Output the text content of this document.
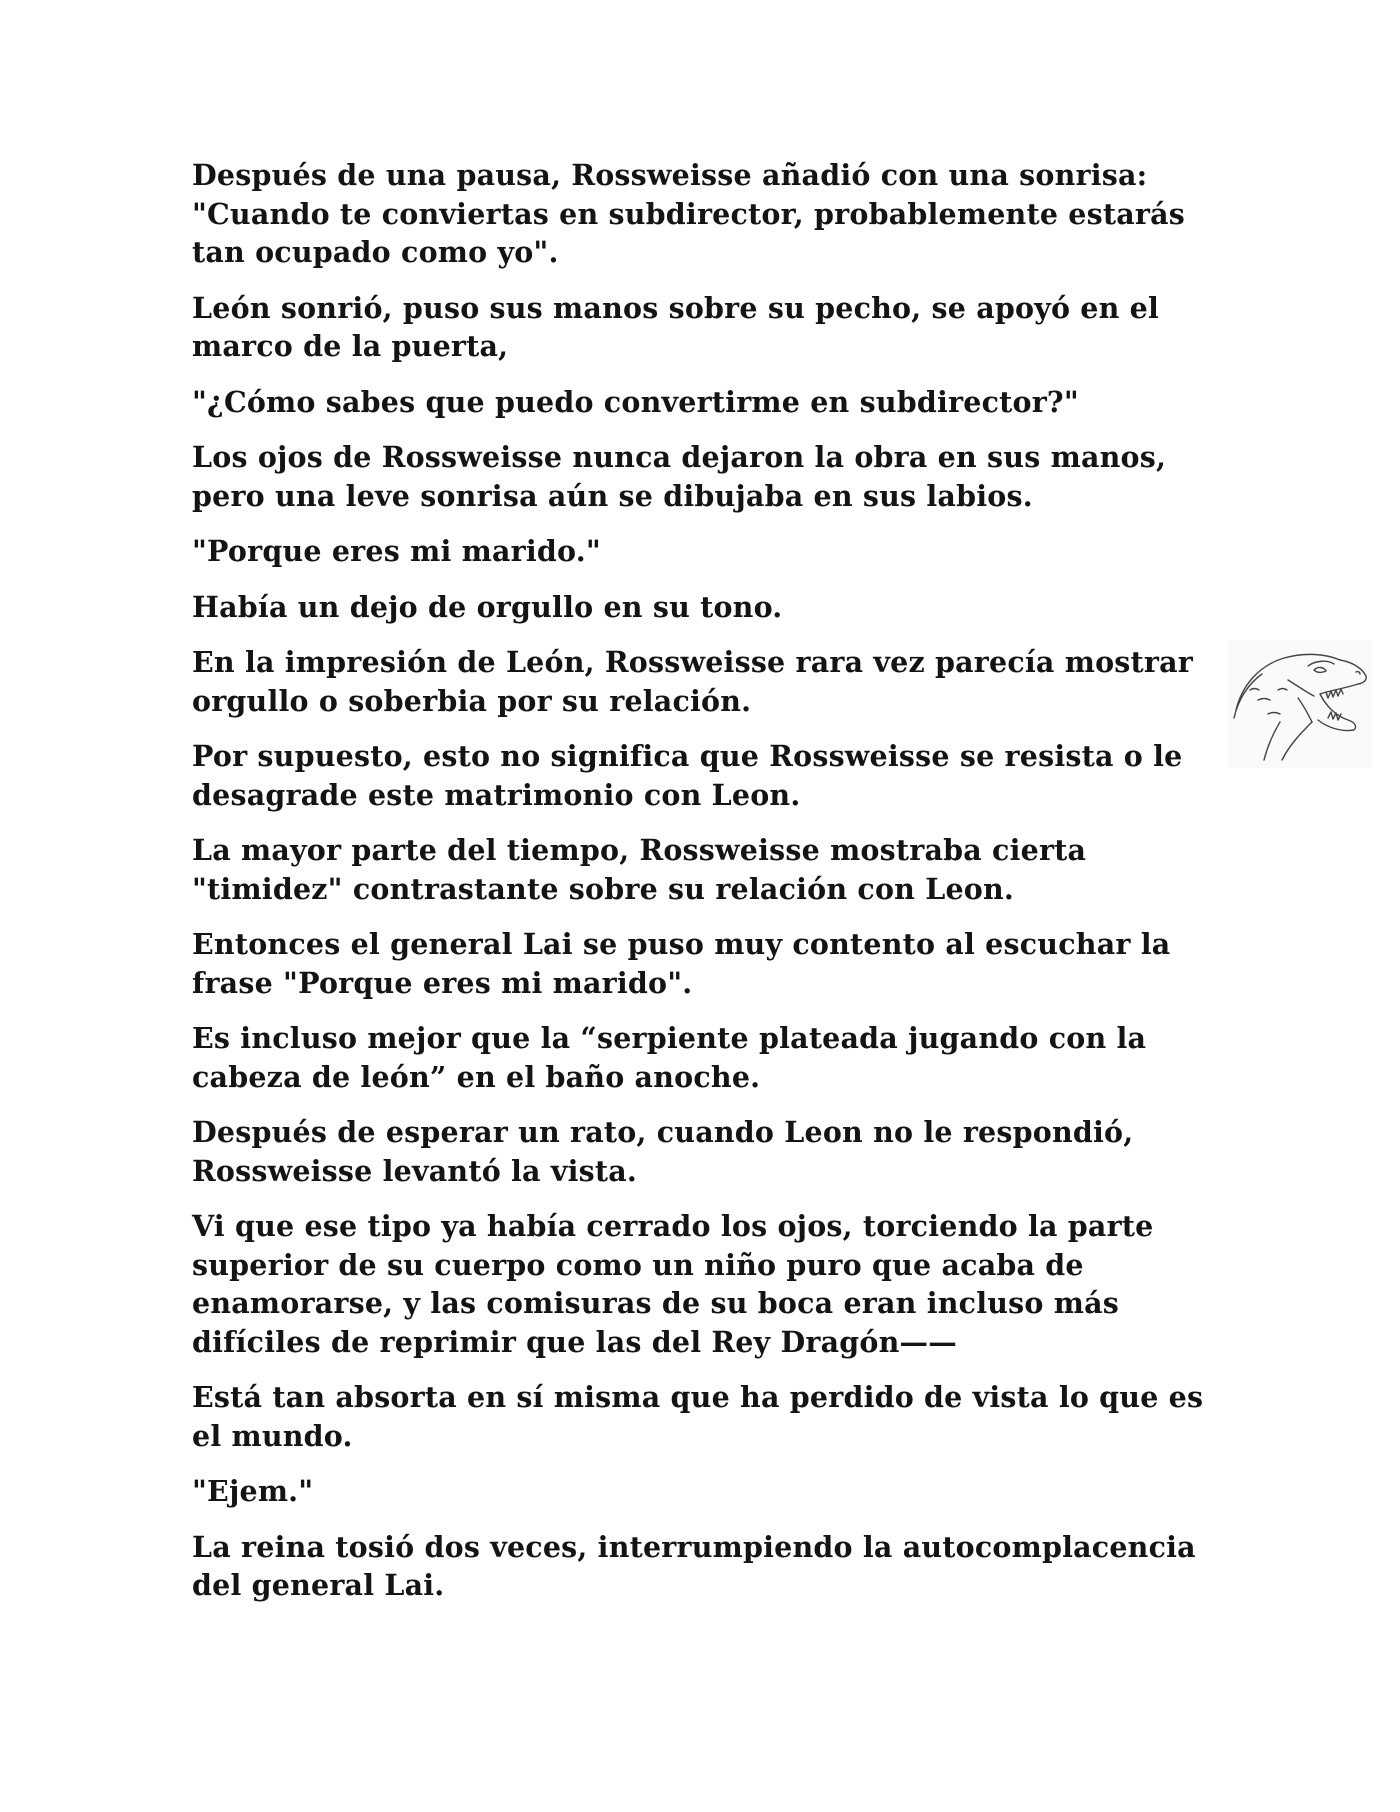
Después de una pausa, Rossweisse añadió con una sonrisa:
"Cuando te conviertas en subdirector, probablemente estarás
tan ocupado como yo".

León sonrió, puso sus manos sobre su pecho, se apoyó en el
marco de la puerta,

"¿Cómo sabes que puedo convertirme en subdirector?"

Los ojos de Rossweisse nunca dejaron la obra en sus manos,
pero una leve sonrisa aún se dibujaba en sus labios.

"Porque eres mi marido."

Había un dejo de orgullo en su tono.

En la impresión de León, Rossweisse rara vez parecía mostrar
orgullo o soberbia por su relación.

Por supuesto, esto no significa que Rossweisse se resista o le
desagrade este matrimonio con Leon.

La mayor parte del tiempo, Rossweisse mostraba cierta
"timidez" contrastante sobre su relación con Leon.

Entonces el general Lai se puso muy contento al escuchar la
frase "Porque eres mi marido".

Es incluso mejor que la “serpiente plateada jugando con la
cabeza de león” en el baño anoche.

Después de esperar un rato, cuando Leon no le respondió,
Rossweisse levantó la vista.

Vi que ese tipo ya había cerrado los ojos, torciendo la parte
superior de su cuerpo como un niño puro que acaba de
enamorarse, y las comisuras de su boca eran incluso más
difíciles de reprimir que las del Rey Dragón——

Está tan absorta en sí misma que ha perdido de vista lo que es
el mundo.

"Ejem."

La reina tosió dos veces, interrumpiendo la autocomplacencia
del general Lai.
